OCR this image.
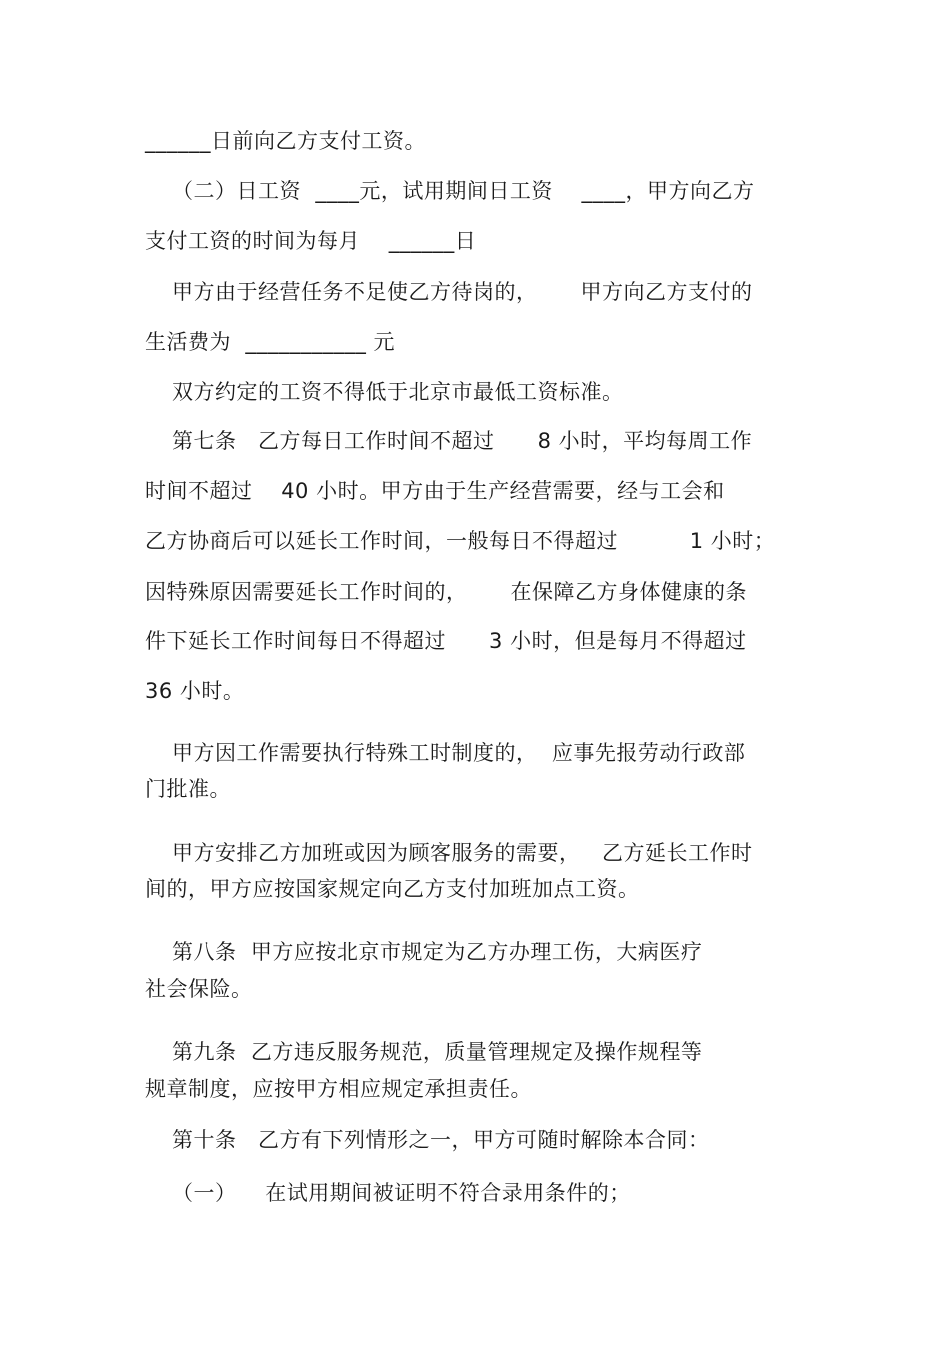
______日前向乙方支付工资。
（二）日工资  ____元，试用期间日工资    ____，甲方向乙方
支付工资的时间为每月    ______日
甲方由于经营任务不足使乙方待岗的，      甲方向乙方支付的
生活费为  ___________ 元
双方约定的工资不得低于北京市最低工资标准。
第七条   乙方每日工作时间不超过      8 小时，平均每周工作
时间不超过    40 小时。甲方由于生产经营需要，经与工会和
乙方协商后可以延长工作时间，一般每日不得超过          1 小时；
因特殊原因需要延长工作时间的，      在保障乙方身体健康的条
件下延长工作时间每日不得超过      3 小时，但是每月不得超过
36 小时。
甲方因工作需要执行特殊工时制度的，  应事先报劳动行政部
门批准。
甲方安排乙方加班或因为顾客服务的需要，   乙方延长工作时
间的，甲方应按国家规定向乙方支付加班加点工资。
第八条  甲方应按北京市规定为乙方办理工伤，大病医疗
社会保险。
第九条  乙方违反服务规范，质量管理规定及操作规程等
规章制度，应按甲方相应规定承担责任。
第十条   乙方有下列情形之一，甲方可随时解除本合同：
（一）    在试用期间被证明不符合录用条件的；
